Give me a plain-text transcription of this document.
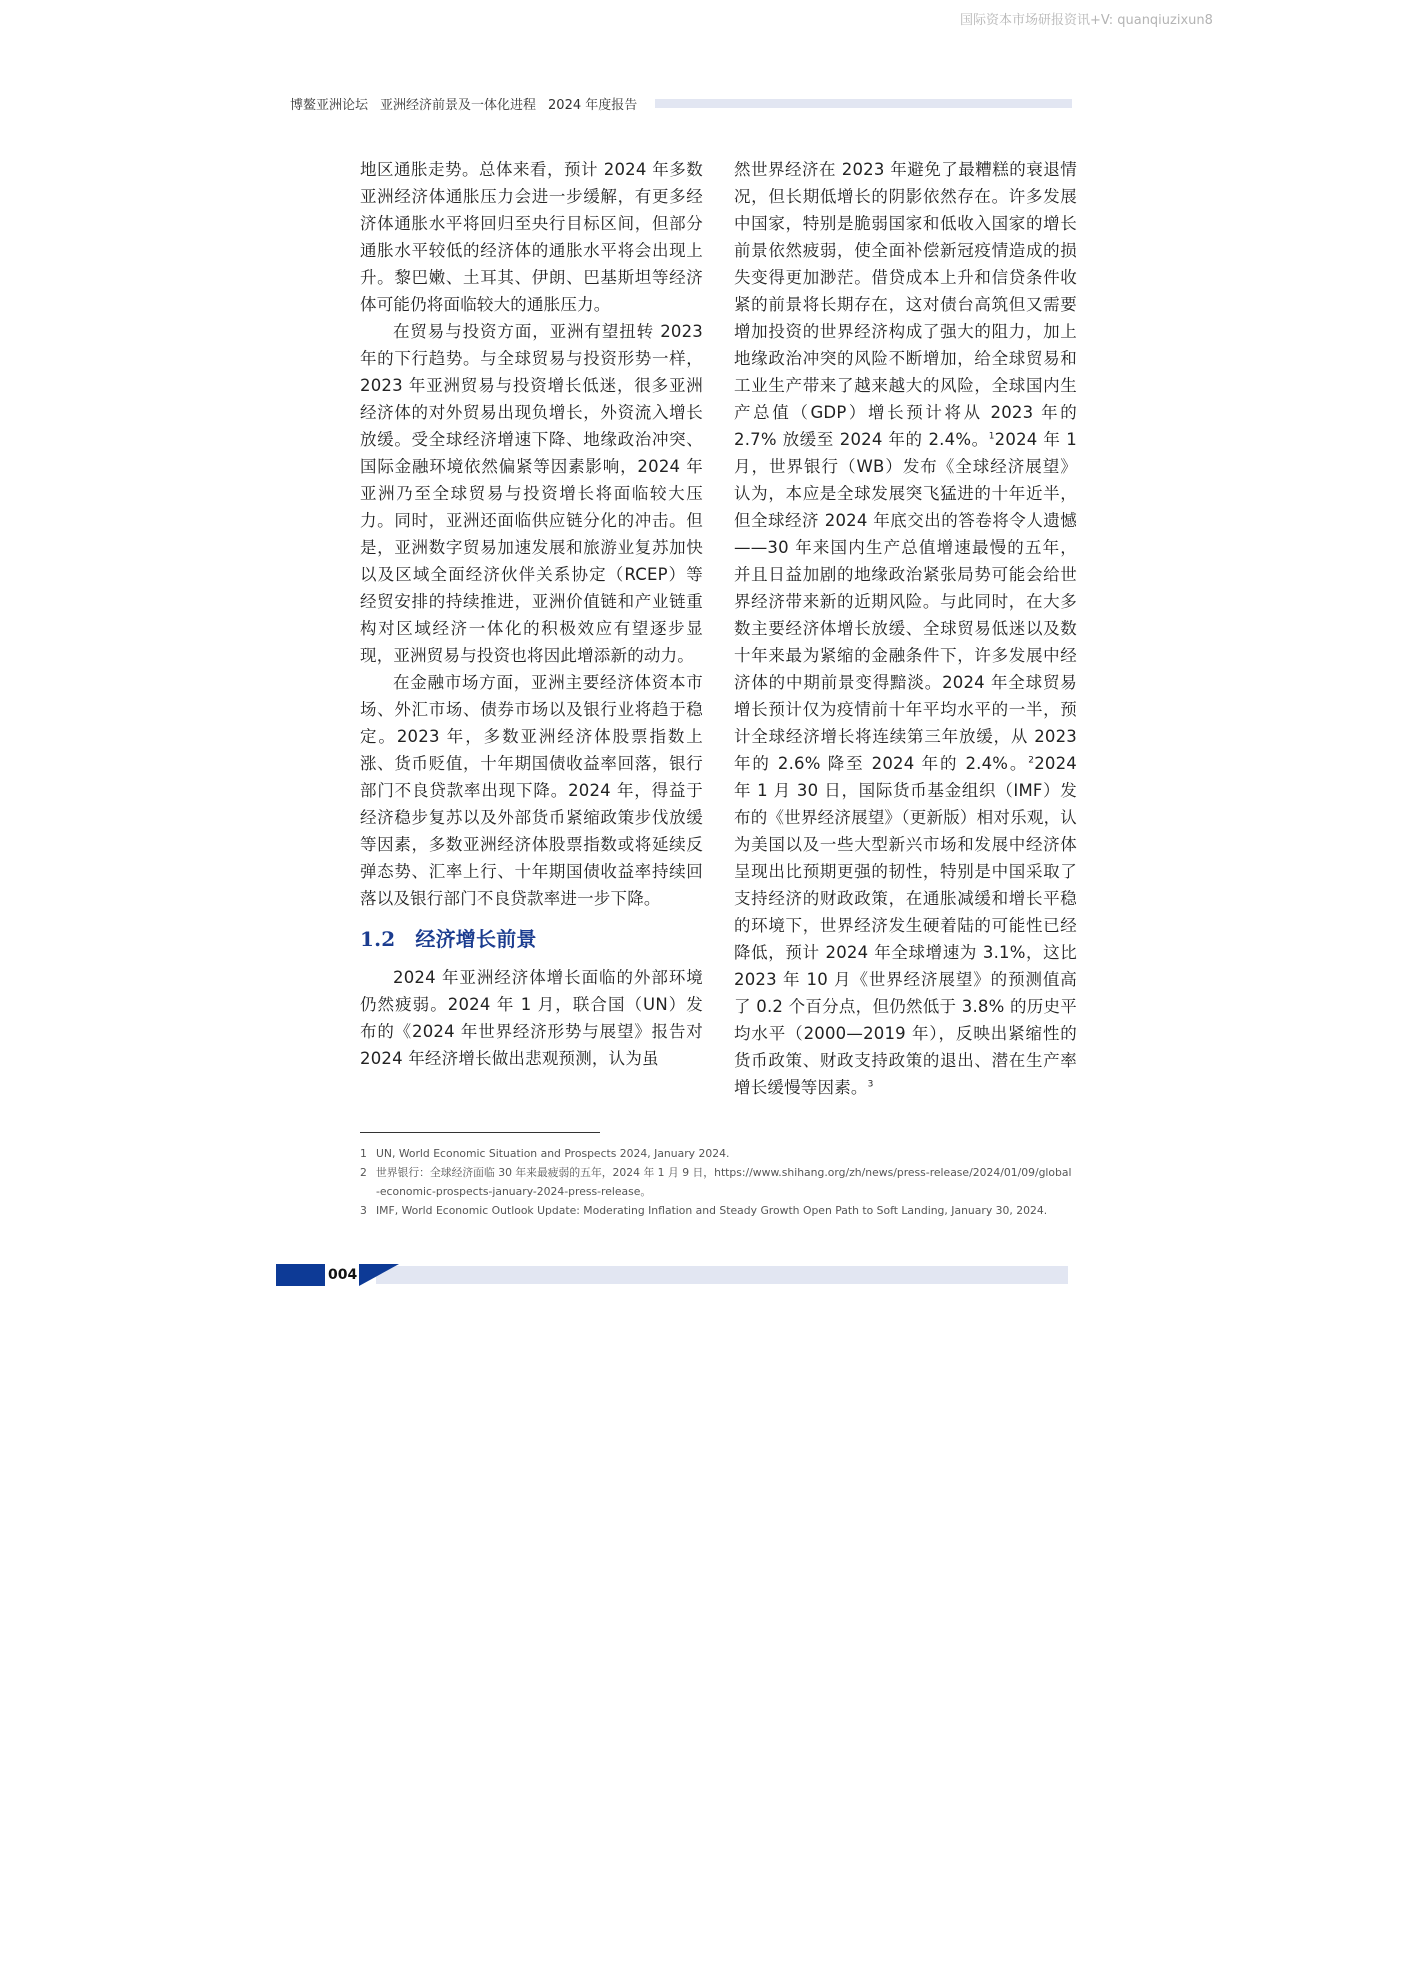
国际资本市场研报资讯+V: quanqiuzixun8
博鳌亚洲论坛 亚洲经济前景及一体化进程 2024 年度报告

地区通胀走势。总体来看，预计 2024 年多数亚洲经济体通胀压力会进一步缓解，有更多经济体通胀水平将回归至央行目标区间，但部分通胀水平较低的经济体的通胀水平将会出现上升。黎巴嫩、土耳其、伊朗、巴基斯坦等经济体可能仍将面临较大的通胀压力。

在贸易与投资方面，亚洲有望扭转 2023 年的下行趋势。与全球贸易与投资形势一样，2023 年亚洲贸易与投资增长低迷，很多亚洲经济体的对外贸易出现负增长，外资流入增长放缓。受全球经济增速下降、地缘政治冲突、国际金融环境依然偏紧等因素影响，2024 年亚洲乃至全球贸易与投资增长将面临较大压力。同时，亚洲还面临供应链分化的冲击。但是，亚洲数字贸易加速发展和旅游业复苏加快以及区域全面经济伙伴关系协定（RCEP）等经贸安排的持续推进，亚洲价值链和产业链重构对区域经济一体化的积极效应有望逐步显现，亚洲贸易与投资也将因此增添新的动力。

在金融市场方面，亚洲主要经济体资本市场、外汇市场、债券市场以及银行业将趋于稳定。2023 年，多数亚洲经济体股票指数上涨、货币贬值，十年期国债收益率回落，银行部门不良贷款率出现下降。2024 年，得益于经济稳步复苏以及外部货币紧缩政策步伐放缓等因素，多数亚洲经济体股票指数或将延续反弹态势、汇率上行、十年期国债收益率持续回落以及银行部门不良贷款率进一步下降。

1.2 经济增长前景

2024 年亚洲经济体增长面临的外部环境仍然疲弱。2024 年 1 月，联合国（UN）发布的《2024 年世界经济形势与展望》报告对 2024 年经济增长做出悲观预测，认为虽

然世界经济在 2023 年避免了最糟糕的衰退情况，但长期低增长的阴影依然存在。许多发展中国家，特别是脆弱国家和低收入国家的增长前景依然疲弱，使全面补偿新冠疫情造成的损失变得更加渺茫。借贷成本上升和信贷条件收紧的前景将长期存在，这对债台高筑但又需要增加投资的世界经济构成了强大的阻力，加上地缘政治冲突的风险不断增加，给全球贸易和工业生产带来了越来越大的风险，全球国内生产总值（GDP）增长预计将从 2023 年的 2.7% 放缓至 2024 年的 2.4%。$^1$2024 年 1 月，世界银行（WB）发布《全球经济展望》认为，本应是全球发展突飞猛进的十年近半，但全球经济 2024 年底交出的答卷将令人遗憾——30 年来国内生产总值增速最慢的五年，并且日益加剧的地缘政治紧张局势可能会给世界经济带来新的近期风险。与此同时，在大多数主要经济体增长放缓、全球贸易低迷以及数十年来最为紧缩的金融条件下，许多发展中经济体的中期前景变得黯淡。2024 年全球贸易增长预计仅为疫情前十年平均水平的一半，预计全球经济增长将连续第三年放缓，从 2023 年的 2.6% 降至 2024 年的 2.4%。$^2$2024 年 1 月 30 日，国际货币基金组织（IMF）发布的《世界经济展望》（更新版）相对乐观，认为美国以及一些大型新兴市场和发展中经济体呈现出比预期更强的韧性，特别是中国采取了支持经济的财政政策，在通胀减缓和增长平稳的环境下，世界经济发生硬着陆的可能性已经降低，预计 2024 年全球增速为 3.1%，这比 2023 年 10 月《世界经济展望》的预测值高了 0.2 个百分点，但仍然低于 3.8% 的历史平均水平（2000—2019 年），反映出紧缩性的货币政策、财政支持政策的退出、潜在生产率增长缓慢等因素。$^3$

1 UN, World Economic Situation and Prospects 2024, January 2024.
2 世界银行：全球经济面临 30 年来最疲弱的五年，2024 年 1 月 9 日，https://www.shihang.org/zh/news/press-release/2024/01/09/global-economic-prospects-january-2024-press-release。
3 IMF, World Economic Outlook Update: Moderating Inflation and Steady Growth Open Path to Soft Landing, January 30, 2024.
004
